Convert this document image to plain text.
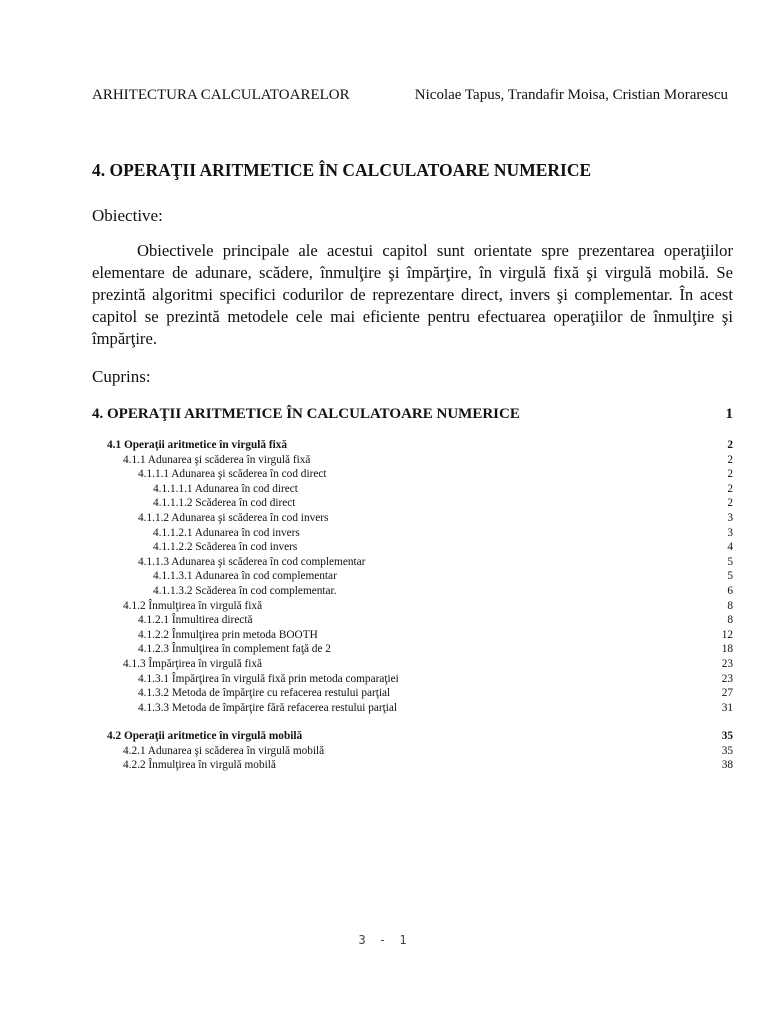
ARHITECTURA CALCULATOARELOR	Nicolae Tapus, Trandafir Moisa, Cristian Morarescu
4. OPERAŢII ARITMETICE ÎN CALCULATOARE NUMERICE
Obiective:

Obiectivele principale ale acestui capitol sunt orientate spre prezentarea operaţiilor elementare de adunare, scădere, înmulţire şi împărţire, în virgulă fixă şi virgulă mobilă. Se prezintă algoritmi specifici codurilor de reprezentare direct, invers şi complementar. În acest capitol se prezintă metodele cele mai eficiente pentru efectuarea operaţiilor de înmulţire şi împărţire.

Cuprins:
4. OPERAŢII ARITMETICE ÎN CALCULATOARE NUMERICE	1
4.1 Operaţii aritmetice în virgulă fixă	2
4.1.1 Adunarea şi scăderea în virgulă fixă	2
4.1.1.1 Adunarea şi scăderea în cod direct	2
4.1.1.1.1 Adunarea în cod direct	2
4.1.1.1.2 Scăderea în cod direct	2
4.1.1.2 Adunarea şi scăderea în cod invers	3
4.1.1.2.1 Adunarea în cod invers	3
4.1.1.2.2 Scăderea în cod invers	4
4.1.1.3 Adunarea şi scăderea în cod complementar	5
4.1.1.3.1 Adunarea în cod complementar	5
4.1.1.3.2 Scăderea în cod complementar.	6
4.1.2 Înmulţirea în virgulă fixă	8
4.1.2.1 Înmultirea directă	8
4.1.2.2 Înmulţirea prin metoda BOOTH	12
4.1.2.3 Înmulţirea în complement faţă de 2	18
4.1.3 Împărţirea în virgulă fixă	23
4.1.3.1 Împărţirea în virgulă fixă prin metoda comparaţiei	23
4.1.3.2 Metoda de împărţire cu refacerea restului parţial	27
4.1.3.3 Metoda de împărţire fără refacerea restului parţial	31
4.2 Operaţii aritmetice în virgulă mobilă	35
4.2.1 Adunarea şi scăderea în virgulă mobilă	35
4.2.2 Înmulţirea în virgulă mobilă	38
3 - 1
